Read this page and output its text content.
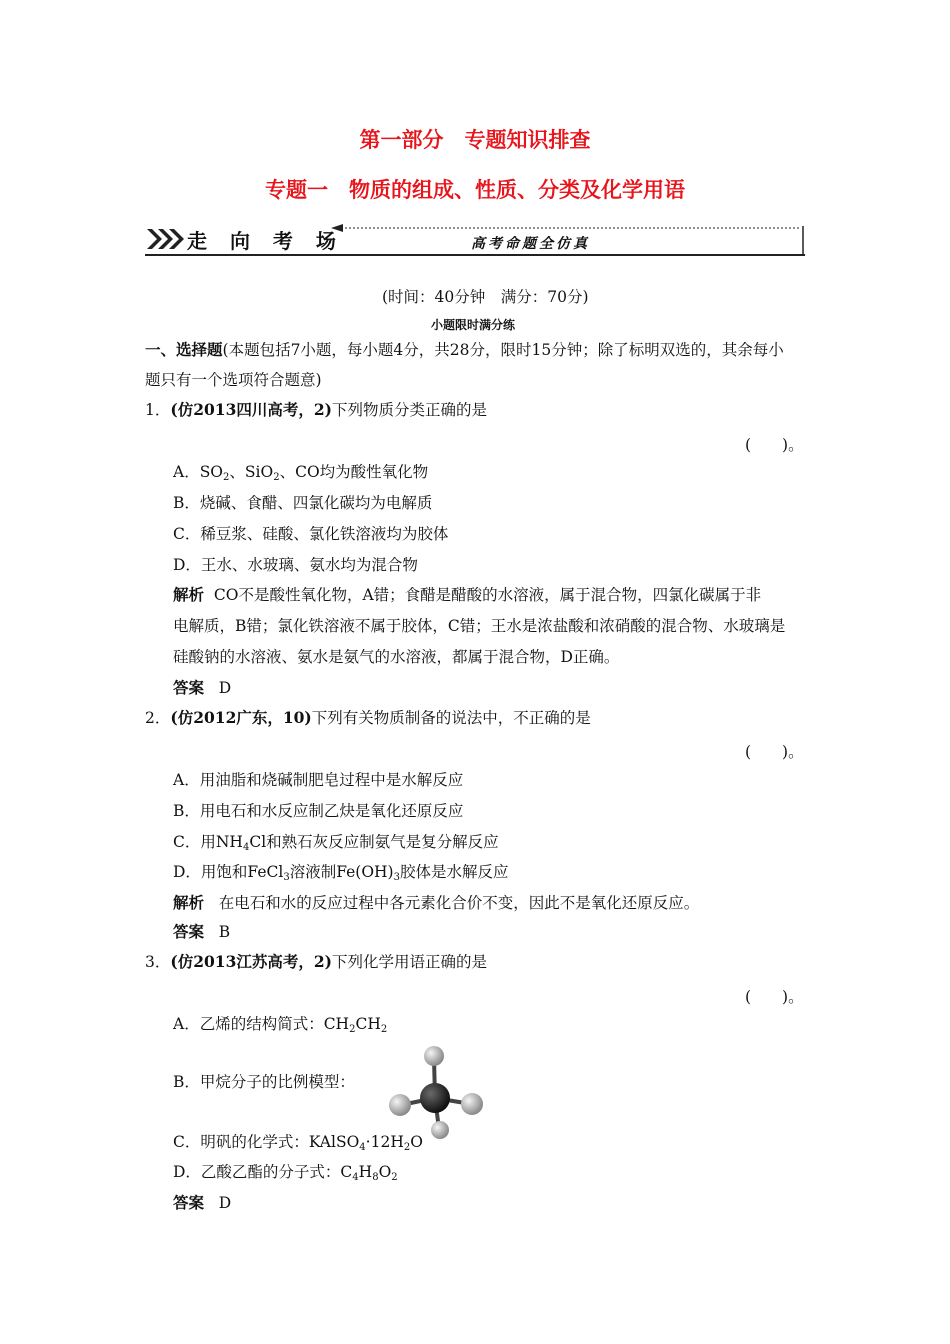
第一部分　专题知识排查
专题一　物质的组成、性质、分类及化学用语
走 向 考 场	高考命题全仿真
(时间：40分钟　满分：70分)
小题限时满分练
一、选择题(本题包括7小题，每小题4分，共28分，限时15分钟；除了标明双选的，其余每小
题只有一个选项符合题意)
1．(仿2013四川高考，2)下列物质分类正确的是
(　　)。
A．$SO_2$、SiO$_2$、CO均为酸性氧化物
B．烧碱、食醋、四氯化碳均为电解质
C．稀豆浆、硅酸、氯化铁溶液均为胶体
D．王水、水玻璃、氨水均为混合物
解析 CO不是酸性氧化物，A错；食醋是醋酸的水溶液，属于混合物，四氯化碳属于非
电解质，B错；氯化铁溶液不属于胶体，C错；王水是浓盐酸和浓硝酸的混合物、水玻璃是
硅酸钠的水溶液、氨水是氨气的水溶液，都属于混合物，D正确。
答案 D
2．(仿2012广东，10)下列有关物质制备的说法中，不正确的是
(　　)。
A．用油脂和烧碱制肥皂过程中是水解反应
B．用电石和水反应制乙炔是氧化还原反应
C．用$NH_4Cl$和熟石灰反应制氨气是复分解反应
D．用饱和FeCl$_3$溶液制$Fe(OH)_3$胶体是水解反应
解析 在电石和水的反应过程中各元素化合价不变，因此不是氧化还原反应。
答案 B
3．(仿2013江苏高考，2)下列化学用语正确的是
(　　)。
A．乙烯的结构简式：$CH_2CH_2$
B．甲烷分子的比例模型：
C．明矾的化学式：$KAlSO_4\cdot 12H_2O$
D．乙酸乙酯的分子式：$C_4H_8O_2$
答案 D
